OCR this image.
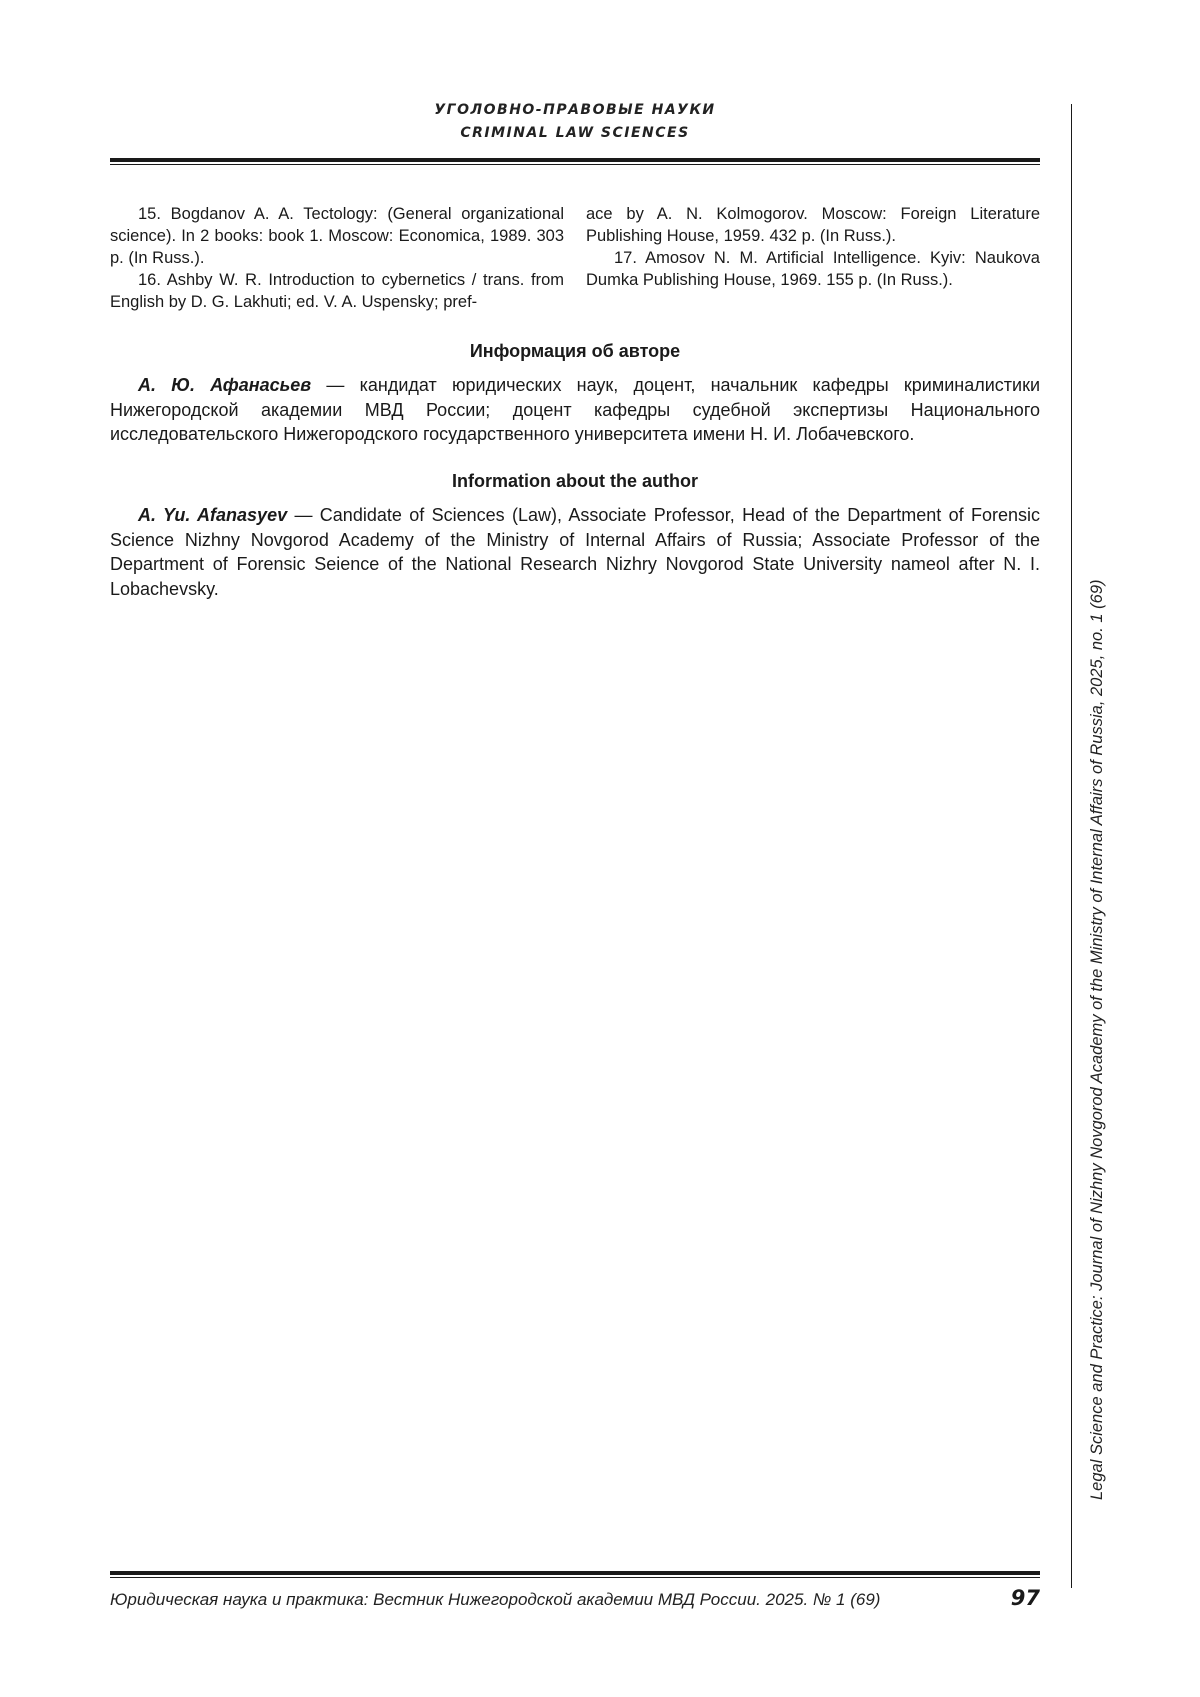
УГОЛОВНО-ПРАВОВЫЕ НАУКИ
CRIMINAL LAW SCIENCES

15. Bogdanov A. A. Tectology: (General organizational science). In 2 books: book 1. Moscow: Economica, 1989. 303 p. (In Russ.).

16. Ashby W. R. Introduction to cybernetics / trans. from English by D. G. Lakhuti; ed. V. A. Uspensky; pref-

ace by A. N. Kolmogorov. Moscow: Foreign Literature Publishing House, 1959. 432 p. (In Russ.).

17. Amosov N. M. Artificial Intelligence. Kyiv: Naukova Dumka Publishing House, 1969. 155 p. (In Russ.).

Информация об авторе

А. Ю. Афанасьев — кандидат юридических наук, доцент, начальник кафедры криминалистики Нижегородской академии МВД России; доцент кафедры судебной экспертизы Национального исследовательского Нижегородского государственного университета имени Н. И. Лобачевского.

Information about the author

A. Yu. Afanasyev — Candidate of Sciences (Law), Associate Professor, Head of the Department of Forensic Science Nizhny Novgorod Academy of the Ministry of Internal Affairs of Russia; Associate Professor of the Department of Forensic Seience of the National Research Nizhry Novgorod State University nameol after N. I. Lobachevsky.	Legal Science and Practice: Journal of Nizhny Novgorod Academy of the Ministry of Internal Affairs of Russia, 2025, no. 1 (69)
Юридическая наука и практика: Вестник Нижегородской академии МВД России. 2025. № 1 (69)	97
